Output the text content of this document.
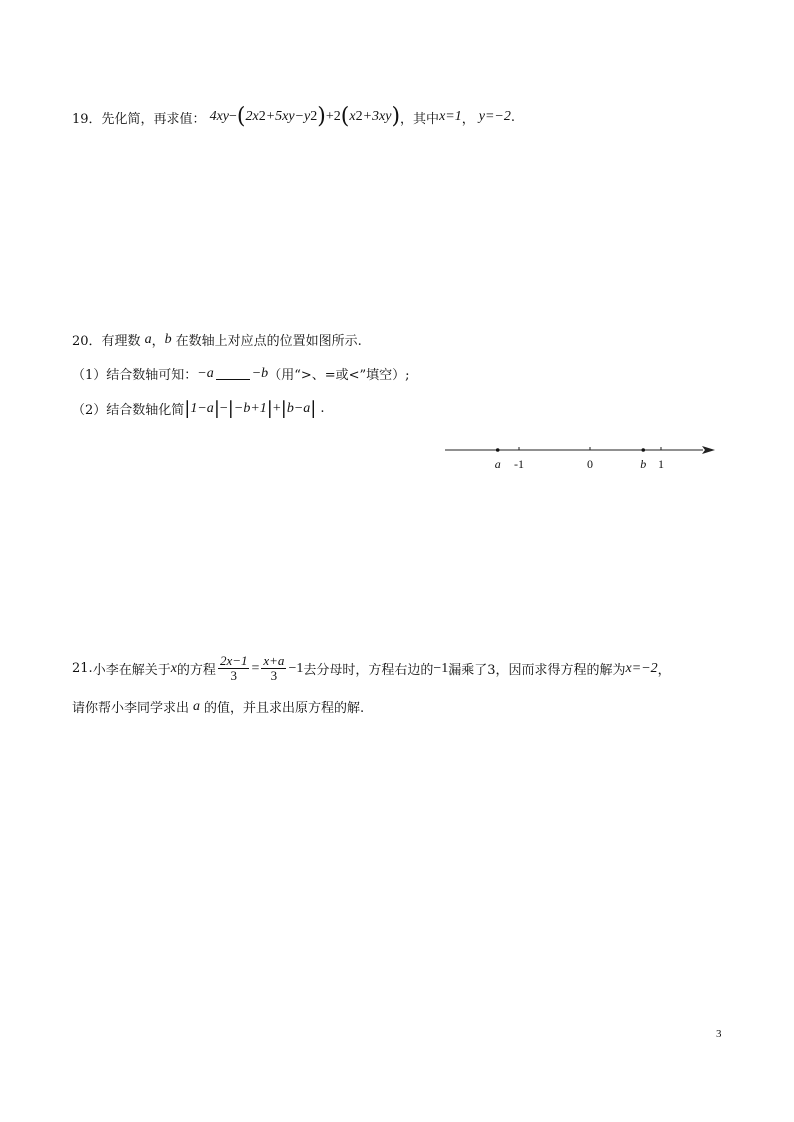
19． 先化简，再求值： 4xy − ( 2x 2 +5xy−y 2 ) +2 ( x 2 +3xy ) ，其中 x=1 ， y=−2 .
20． 有理数 a ， b 在数轴上对应点的位置如图所示.
（1）结合数轴可知： −a	−b （用“>、=或<”填空）;
（2）结合数轴化简 | 1−a | − | −b+1 | + | b−a | .
a -1	0	b 1
21. 小李在解关于 x 的方程 $\frac{2x-1}{3} = \frac{x+a}{3} -1$ 去分母时，方程右边的 −1 漏乘了3，因而求得方程的解为 x=−2 ，
请你帮小李同学求出 a 的值，并且求出原方程的解.
3
